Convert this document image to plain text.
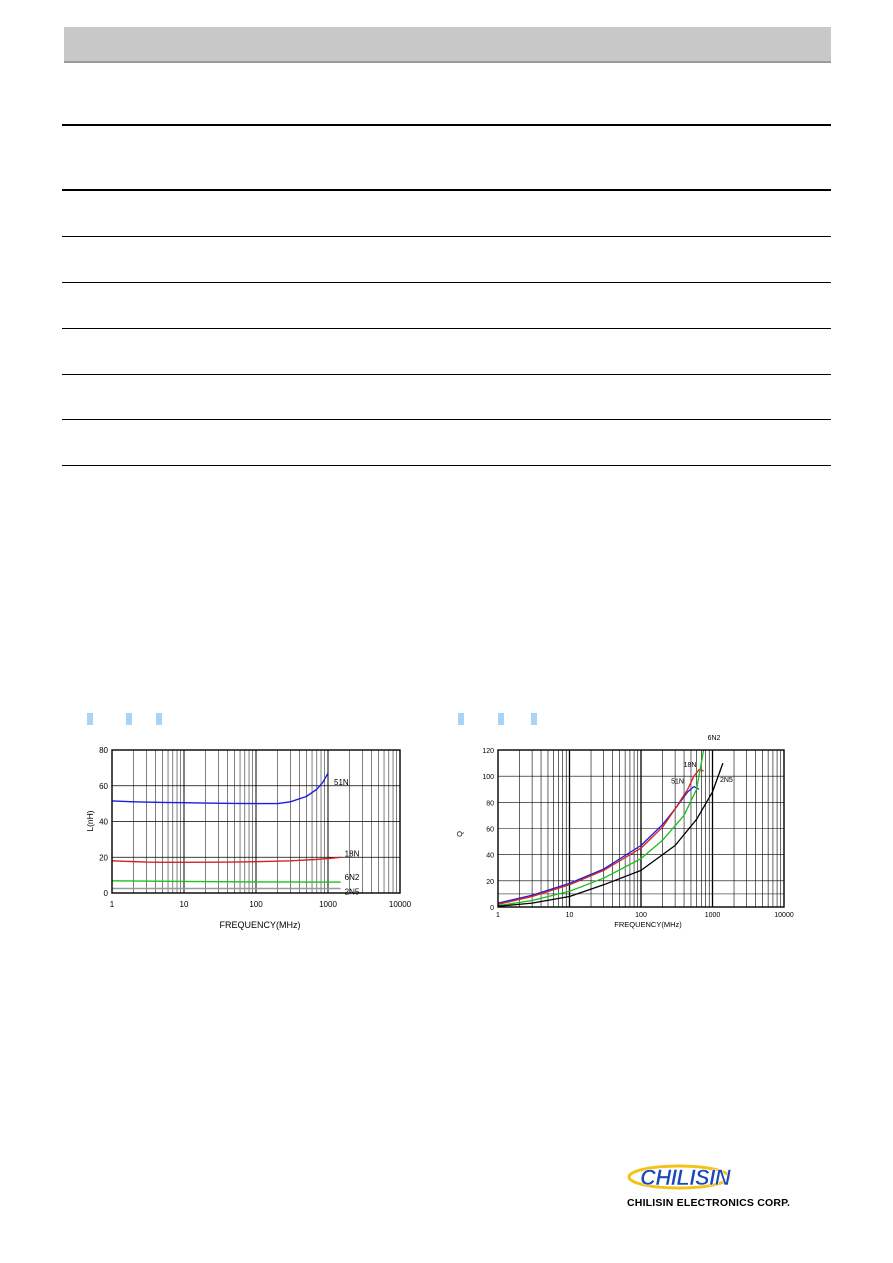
51N
18N
6N2
2N5
1	10	100	1000	10000
0
20
40
60
80
FREQUENCY(MHz)
L(nH)
51N
18N
6N2
2N5
1	10	100	1000	10000
0
20
40
60
80
100
120
FREQUENCY(MHz)
Q
CHILISIN
CHILISIN ELECTRONICS CORP.
